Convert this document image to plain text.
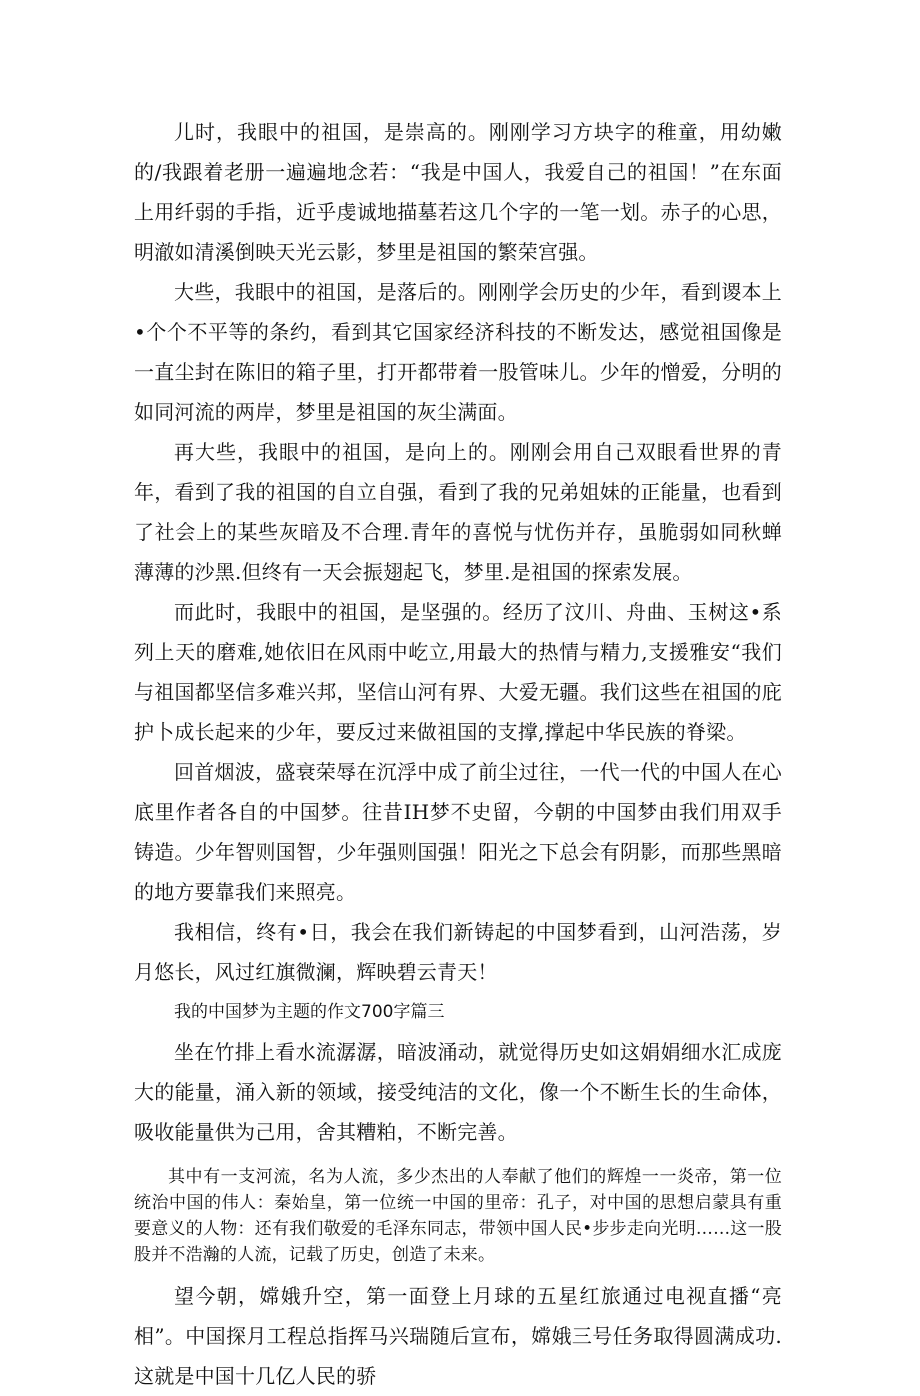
儿时，我眼中的祖国，是崇高的。刚刚学习方块字的稚童，用幼嫩的/我跟着老册一遍遍地念若：“我是中国人，我爱自己的祖国！”在东面上用纤弱的手指，近乎虔诚地描墓若这几个字的一笔一划。赤子的心思，明澈如清溪倒映天光云影，梦里是祖国的繁荣宫强。

大些，我眼中的祖国，是落后的。刚刚学会历史的少年，看到谡本上•个个不平等的条约，看到其它国家经济科技的不断发达，感觉祖国像是一直尘封在陈旧的箱子里，打开都带着一股管味儿。少年的憎爱，分明的如同河流的两岸，梦里是祖国的灰尘满面。

再大些，我眼中的祖国，是向上的。刚刚会用自己双眼看世界的青年，看到了我的祖国的自立自强，看到了我的兄弟姐妹的正能量，也看到了社会上的某些灰暗及不合理.青年的喜悦与忧伤并存，虽脆弱如同秋蝉薄薄的沙黑.但终有一天会振翅起飞，梦里.是祖国的探索发展。

而此时，我眼中的祖国，是坚强的。经历了汶川、舟曲、玉树这•系列上天的磨难,她依旧在风雨中屹立,用最大的热情与精力,支援雅安“我们与祖国都坚信多难兴邦，坚信山河有界、大爱无疆。我们这些在祖国的庇护卜成长起来的少年，要反过来做祖国的支撑,撑起中华民族的脊梁。

回首烟波，盛衰荣辱在沉浮中成了前尘过往，一代一代的中国人在心底里作者各自的中国梦。往昔IH梦不史留，今朝的中国梦由我们用双手铸造。少年智则国智，少年强则国强！阳光之下总会有阴影，而那些黑暗的地方要靠我们来照亮。

我相信，终有•日，我会在我们新铸起的中国梦看到，山河浩荡，岁月悠长，风过红旗微澜，辉映碧云青天！

我的中国梦为主题的作文700字篇三

坐在竹排上看水流潺潺，暗波涌动，就觉得历史如这娟娟细水汇成庞大的能量，涌入新的领域，接受纯洁的文化，像一个不断生长的生命体，吸收能量供为己用，舍其糟粕，不断完善。

其中有一支河流，名为人流，多少杰出的人奉献了他们的辉煌一一炎帝，第一位统治中国的伟人：秦始皇，第一位统一中国的里帝：孔子，对中国的思想启蒙具有重要意义的人物：还有我们敬爱的毛泽东同志，带领中国人民•步步走向光明……这一股股并不浩瀚的人流，记载了历史，创造了未来。

望今朝，嫦娥升空，第一面登上月球的五星红旅通过电视直播“亮相”。中国探月工程总指挥马兴瑞随后宣布，嫦娥三号任务取得圆满成功.这就是中国十几亿人民的骄
